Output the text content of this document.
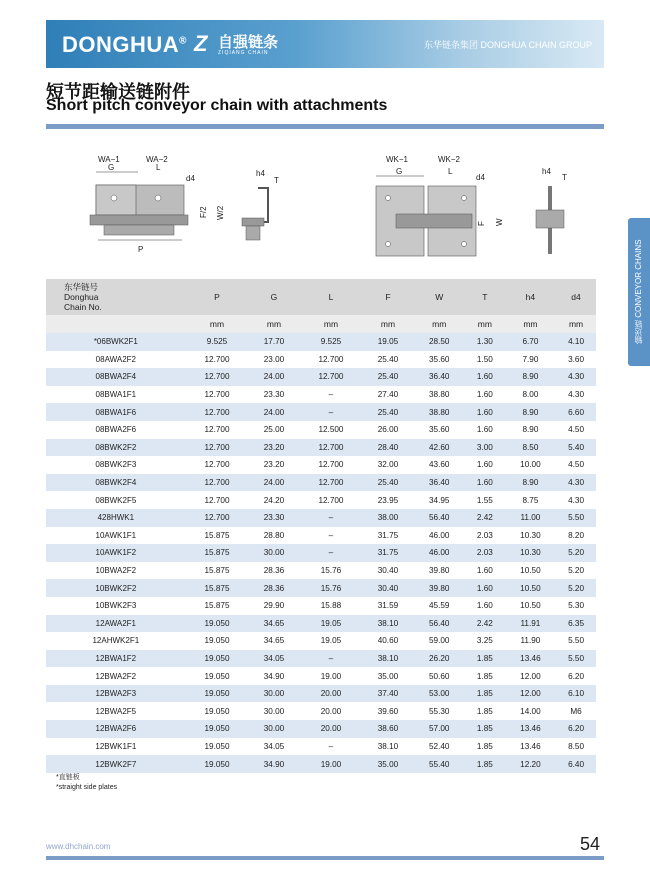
DONGHUA® Z 自强链条
ZIQIANG CHAIN
东华链条集团 DONGHUA CHAIN GROUP
短节距输送链附件
Short pitch conveyor chain with attachments
输送链 CONVEYOR CHAINS
WA−1	WA−2
G	L
d4
P
F/2 W/2
h4
T
WK−1	WK−2
G	L
d4
F W
h4
T
东华链号
Donghua
Chain No.	P	G	L	F	W	T	h4	d4
	mm	mm	mm	mm	mm	mm	mm	mm
*06BWK2F1	9.525	17.70	9.525	19.05	28.50	1.30	6.70	4.10
08AWA2F2	12.700	23.00	12.700	25.40	35.60	1.50	7.90	3.60
08BWA2F4	12.700	24.00	12.700	25.40	36.40	1.60	8.90	4.30
08BWA1F1	12.700	23.30	–	27.40	38.80	1.60	8.00	4.30
08BWA1F6	12.700	24.00	–	25.40	38.80	1.60	8.90	6.60
08BWA2F6	12.700	25.00	12.500	26.00	35.60	1.60	8.90	4.50
08BWK2F2	12.700	23.20	12.700	28.40	42.60	3.00	8.50	5.40
08BWK2F3	12.700	23.20	12.700	32.00	43.60	1.60	10.00	4.50
08BWK2F4	12.700	24.00	12.700	25.40	36.40	1.60	8.90	4.30
08BWK2F5	12.700	24.20	12.700	23.95	34.95	1.55	8.75	4.30
428HWK1	12.700	23.30	–	38.00	56.40	2.42	11.00	5.50
10AWK1F1	15.875	28.80	–	31.75	46.00	2.03	10.30	8.20
10AWK1F2	15.875	30.00	–	31.75	46.00	2.03	10.30	5.20
10BWA2F2	15.875	28.36	15.76	30.40	39.80	1.60	10.50	5.20
10BWK2F2	15.875	28.36	15.76	30.40	39.80	1.60	10.50	5.20
10BWK2F3	15.875	29.90	15.88	31.59	45.59	1.60	10.50	5.30
12AWA2F1	19.050	34.65	19.05	38.10	56.40	2.42	11.91	6.35
12AHWK2F1	19.050	34.65	19.05	40.60	59.00	3.25	11.90	5.50
12BWA1F2	19.050	34.05	–	38.10	26.20	1.85	13.46	5.50
12BWA2F2	19.050	34.90	19.00	35.00	50.60	1.85	12.00	6.20
12BWA2F3	19.050	30.00	20.00	37.40	53.00	1.85	12.00	6.10
12BWA2F5	19.050	30.00	20.00	39.60	55.30	1.85	14.00	M6
12BWA2F6	19.050	30.00	20.00	38.60	57.00	1.85	13.46	6.20
12BWK1F1	19.050	34.05	–	38.10	52.40	1.85	13.46	8.50
12BWK2F7	19.050	34.90	19.00	35.00	55.40	1.85	12.20	6.40
*直链板
*straight side plates
www.dhchain.com	54
